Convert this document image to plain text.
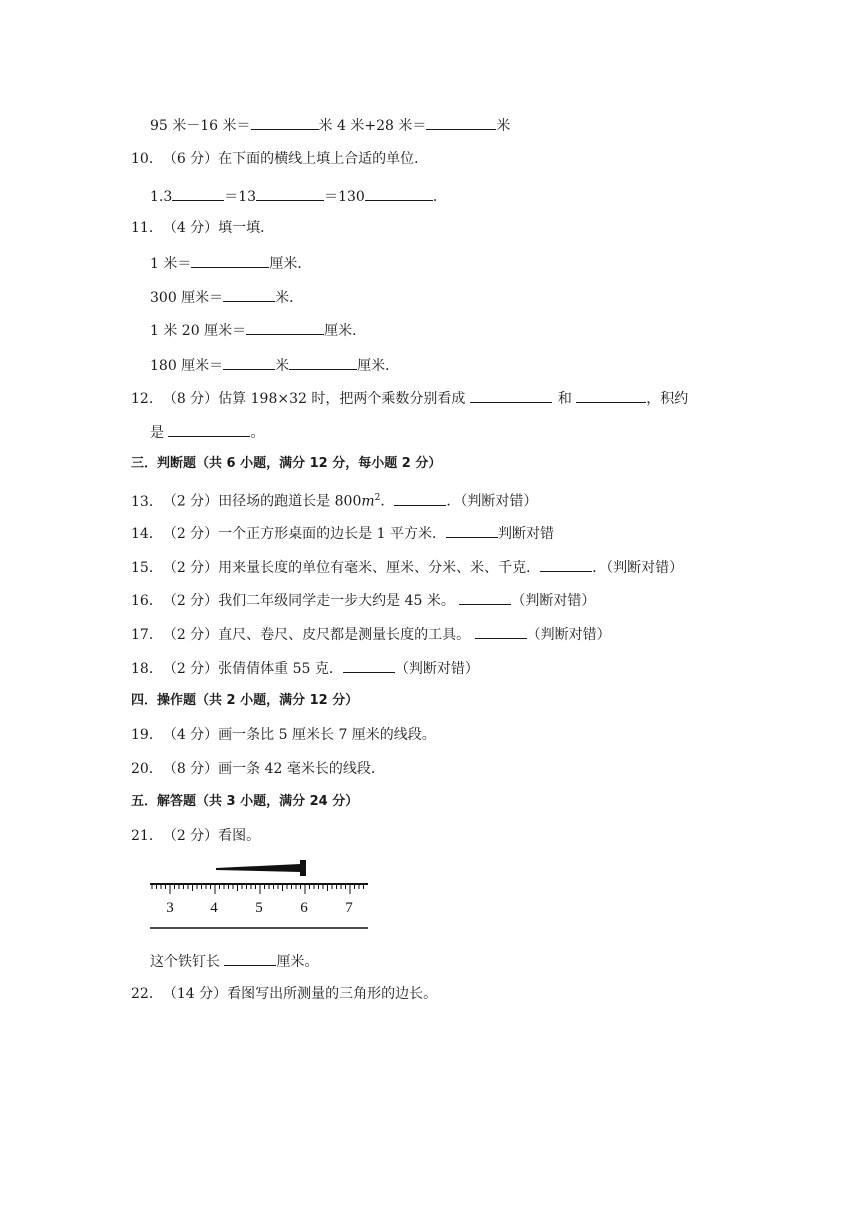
95 米－16 米＝	米 4 米+28 米＝	米
10．（6 分）在下面的横线上填上合适的单位．
1.3	＝13	＝130	．
11．（4 分）填一填．
1 米＝	厘米．
300 厘米＝	米．
1 米 20 厘米＝	厘米．
180 厘米＝	米	厘米．
12．（8 分）估算 198×32 时，把两个乘数分别看成	和	，积约
是	。
三．判断题（共 6 小题，满分 12 分，每小题 2 分）
13．（2 分）田径场的跑道长是 $800m^2$．	．（判断对错）
14．（2 分）一个正方形桌面的边长是 1 平方米．	判断对错
15．（2 分）用来量长度的单位有毫米、厘米、分米、米、千克．	．（判断对错）
16．（2 分）我们二年级同学走一步大约是 45 米。	（判断对错）
17．（2 分）直尺、卷尺、皮尺都是测量长度的工具。	（判断对错）
18．（2 分）张倩倩体重 55 克．	（判断对错）
四．操作题（共 2 小题，满分 12 分）
19．（4 分）画一条比 5 厘米长 7 厘米的线段。
20．（8 分）画一条 42 毫米长的线段．
五．解答题（共 3 小题，满分 24 分）
21．（2 分）看图。
3 4	5	6	7
这个铁钉长	厘米。
22．（14 分）看图写出所测量的三角形的边长。
